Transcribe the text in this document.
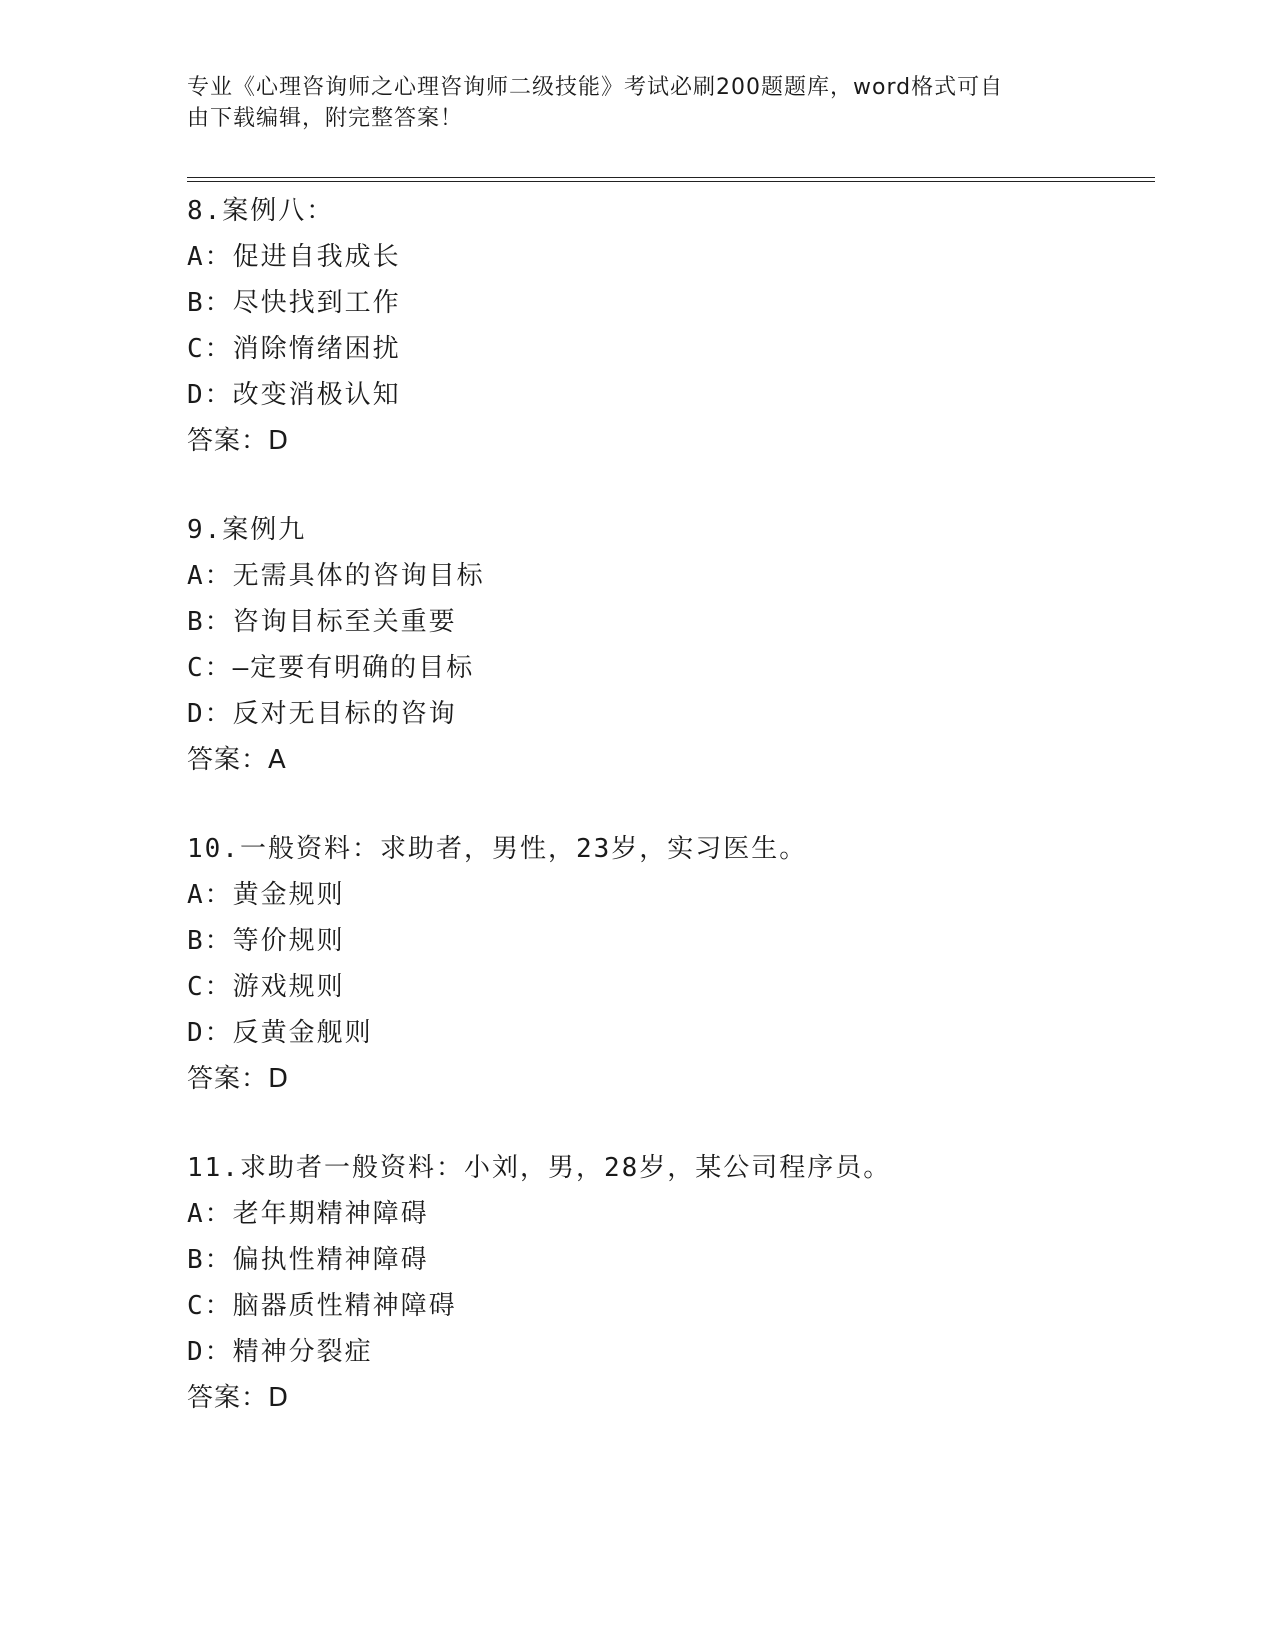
专业《心理咨询师之心理咨询师二级技能》考试必刷200题题库，word格式可自
由下载编辑，附完整答案！
8.案例八：
A：促进自我成长
B：尽快找到工作
C：消除惰绪困扰
D：改变消极认知
答案：D
9.案例九
A：无需具体的咨询目标
B：咨询目标至关重要
C：—定要有明确的目标
D：反对无目标的咨询
答案：A
10.一般资料：求助者，男性，23岁，实习医生。
A：黄金规则
B：等价规则
C：游戏规则
D：反黄金舰则
答案：D
11.求助者一般资料：小刘，男，28岁，某公司程序员。
A：老年期精神障碍
B：偏执性精神障碍
C：脑器质性精神障碍
D：精神分裂症
答案：D
